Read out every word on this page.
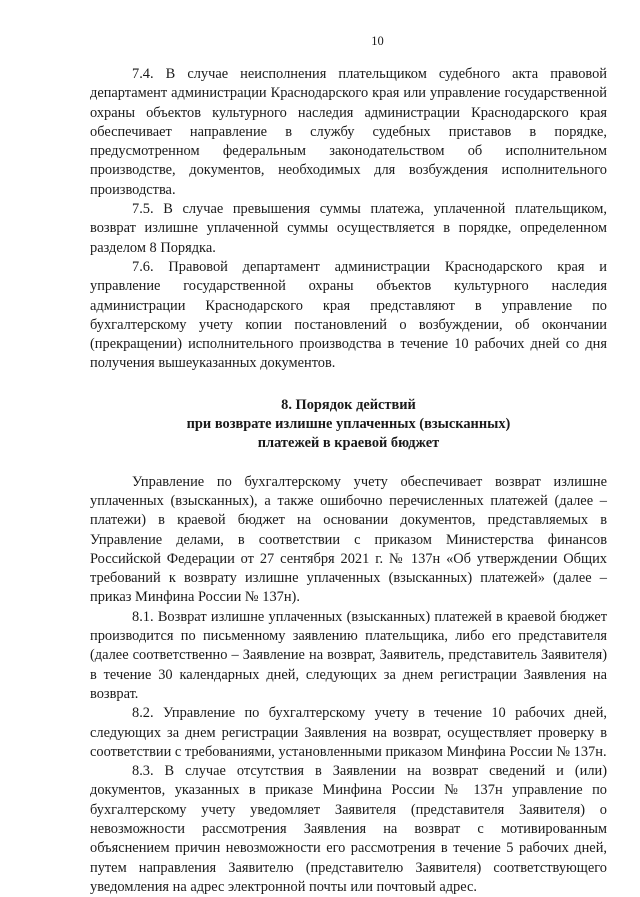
10

7.4. В случае неисполнения плательщиком судебного акта правовой департамент администрации Краснодарского края или управление государственной охраны объектов культурного наследия администрации Краснодарского края обеспечивает направление в службу судебных приставов в порядке, предусмотренном федеральным законодательством об исполнительном производстве, документов, необходимых для возбуждения исполнительного производства.

7.5. В случае превышения суммы платежа, уплаченной плательщиком, возврат излишне уплаченной суммы осуществляется в порядке, определенном разделом 8 Порядка.

7.6. Правовой департамент администрации Краснодарского края и управление государственной охраны объектов культурного наследия администрации Краснодарского края представляют в управление по бухгалтерскому учету копии постановлений о возбуждении, об окончании (прекращении) исполнительного производства в течение 10 рабочих дней со дня получения вышеуказанных документов.

8. Порядок действий
при возврате излишне уплаченных (взысканных)
платежей в краевой бюджет

Управление по бухгалтерскому учету обеспечивает возврат излишне уплаченных (взысканных), а также ошибочно перечисленных платежей (далее – платежи) в краевой бюджет на основании документов, представляемых в Управление делами, в соответствии с приказом Министерства финансов Российской Федерации от 27 сентября 2021 г. № 137н «Об утверждении Общих требований к возврату излишне уплаченных (взысканных) платежей» (далее – приказ Минфина России № 137н).

8.1. Возврат излишне уплаченных (взысканных) платежей в краевой бюджет производится по письменному заявлению плательщика, либо его представителя (далее соответственно – Заявление на возврат, Заявитель, представитель Заявителя) в течение 30 календарных дней, следующих за днем регистрации Заявления на возврат.

8.2. Управление по бухгалтерскому учету в течение 10 рабочих дней, следующих за днем регистрации Заявления на возврат, осуществляет проверку в соответствии с требованиями, установленными приказом Минфина России № 137н.

8.3. В случае отсутствия в Заявлении на возврат сведений и (или) документов, указанных в приказе Минфина России № 137н управление по бухгалтерскому учету уведомляет Заявителя (представителя Заявителя) о невозможности рассмотрения Заявления на возврат с мотивированным объяснением причин невозможности его рассмотрения в течение 5 рабочих дней, путем направления Заявителю (представителю Заявителя) соответствующего уведомления на адрес электронной почты или почтовый адрес.
